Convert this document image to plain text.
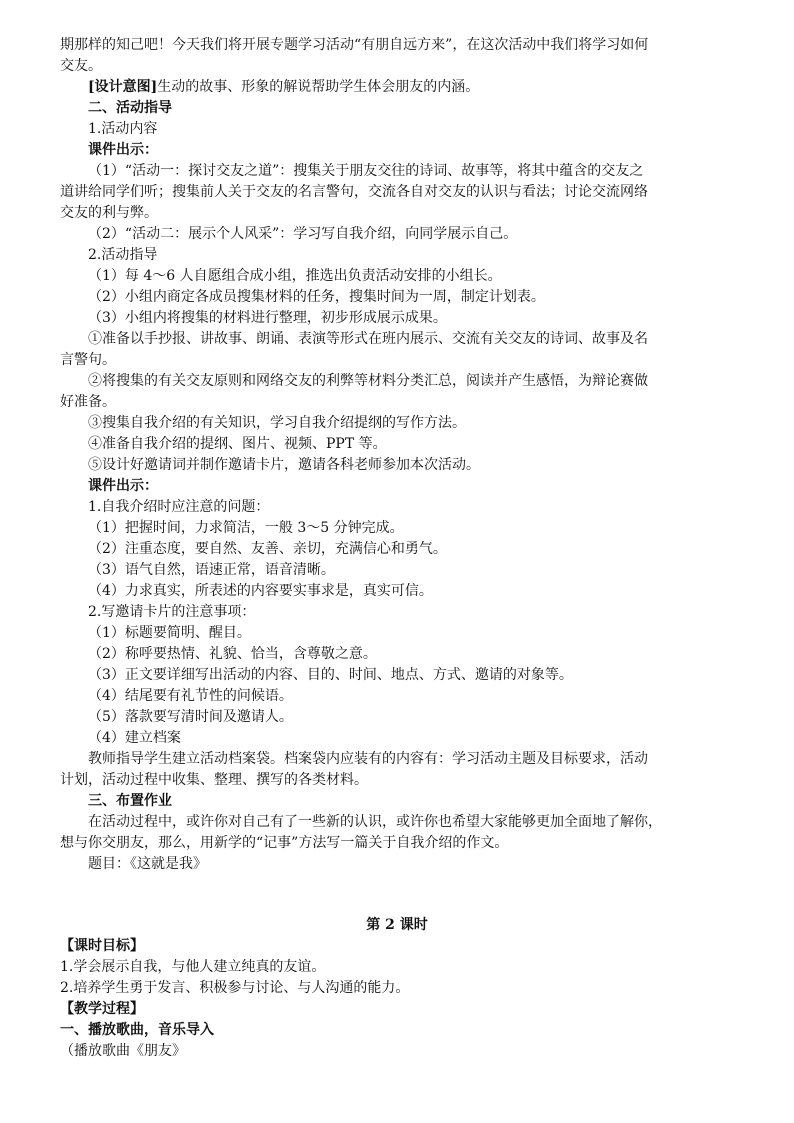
期那样的知己吧！今天我们将开展专题学习活动“有朋自远方来”，在这次活动中我们将学习如何
交友。
[设计意图]生动的故事、形象的解说帮助学生体会朋友的内涵。
二、活动指导
1.活动内容
课件出示：
（1）“活动一：探讨交友之道”：搜集关于朋友交往的诗词、故事等，将其中蕴含的交友之
道讲给同学们听；搜集前人关于交友的名言警句，交流各自对交友的认识与看法；讨论交流网络
交友的利与弊。
（2）“活动二：展示个人风采”：学习写自我介绍，向同学展示自己。
2.活动指导
（1）每 4～6 人自愿组合成小组，推选出负责活动安排的小组长。
（2）小组内商定各成员搜集材料的任务，搜集时间为一周，制定计划表。
（3）小组内将搜集的材料进行整理，初步形成展示成果。
①准备以手抄报、讲故事、朗诵、表演等形式在班内展示、交流有关交友的诗词、故事及名
言警句。
②将搜集的有关交友原则和网络交友的利弊等材料分类汇总，阅读并产生感悟，为辩论赛做
好准备。
③搜集自我介绍的有关知识，学习自我介绍提纲的写作方法。
④准备自我介绍的提纲、图片、视频、PPT 等。
⑤设计好邀请词并制作邀请卡片，邀请各科老师参加本次活动。
课件出示：
1.自我介绍时应注意的问题：
（1）把握时间，力求简洁，一般 3～5 分钟完成。
（2）注重态度，要自然、友善、亲切，充满信心和勇气。
（3）语气自然，语速正常，语音清晰。
（4）力求真实，所表述的内容要实事求是，真实可信。
2.写邀请卡片的注意事项：
（1）标题要简明、醒目。
（2）称呼要热情、礼貌、恰当，含尊敬之意。
（3）正文要详细写出活动的内容、目的、时间、地点、方式、邀请的对象等。
（4）结尾要有礼节性的问候语。
（5）落款要写清时间及邀请人。
（4）建立档案
教师指导学生建立活动档案袋。档案袋内应装有的内容有：学习活动主题及目标要求，活动
计划，活动过程中收集、整理、撰写的各类材料。
三、布置作业
在活动过程中，或许你对自己有了一些新的认识，或许你也希望大家能够更加全面地了解你，
想与你交朋友，那么，用新学的“记事”方法写一篇关于自我介绍的作文。
题目：《这就是我》
第 2 课时
【课时目标】
1.学会展示自我，与他人建立纯真的友谊。
2.培养学生勇于发言、积极参与讨论、与人沟通的能力。
【教学过程】
一、播放歌曲，音乐导入
（播放歌曲《朋友》
